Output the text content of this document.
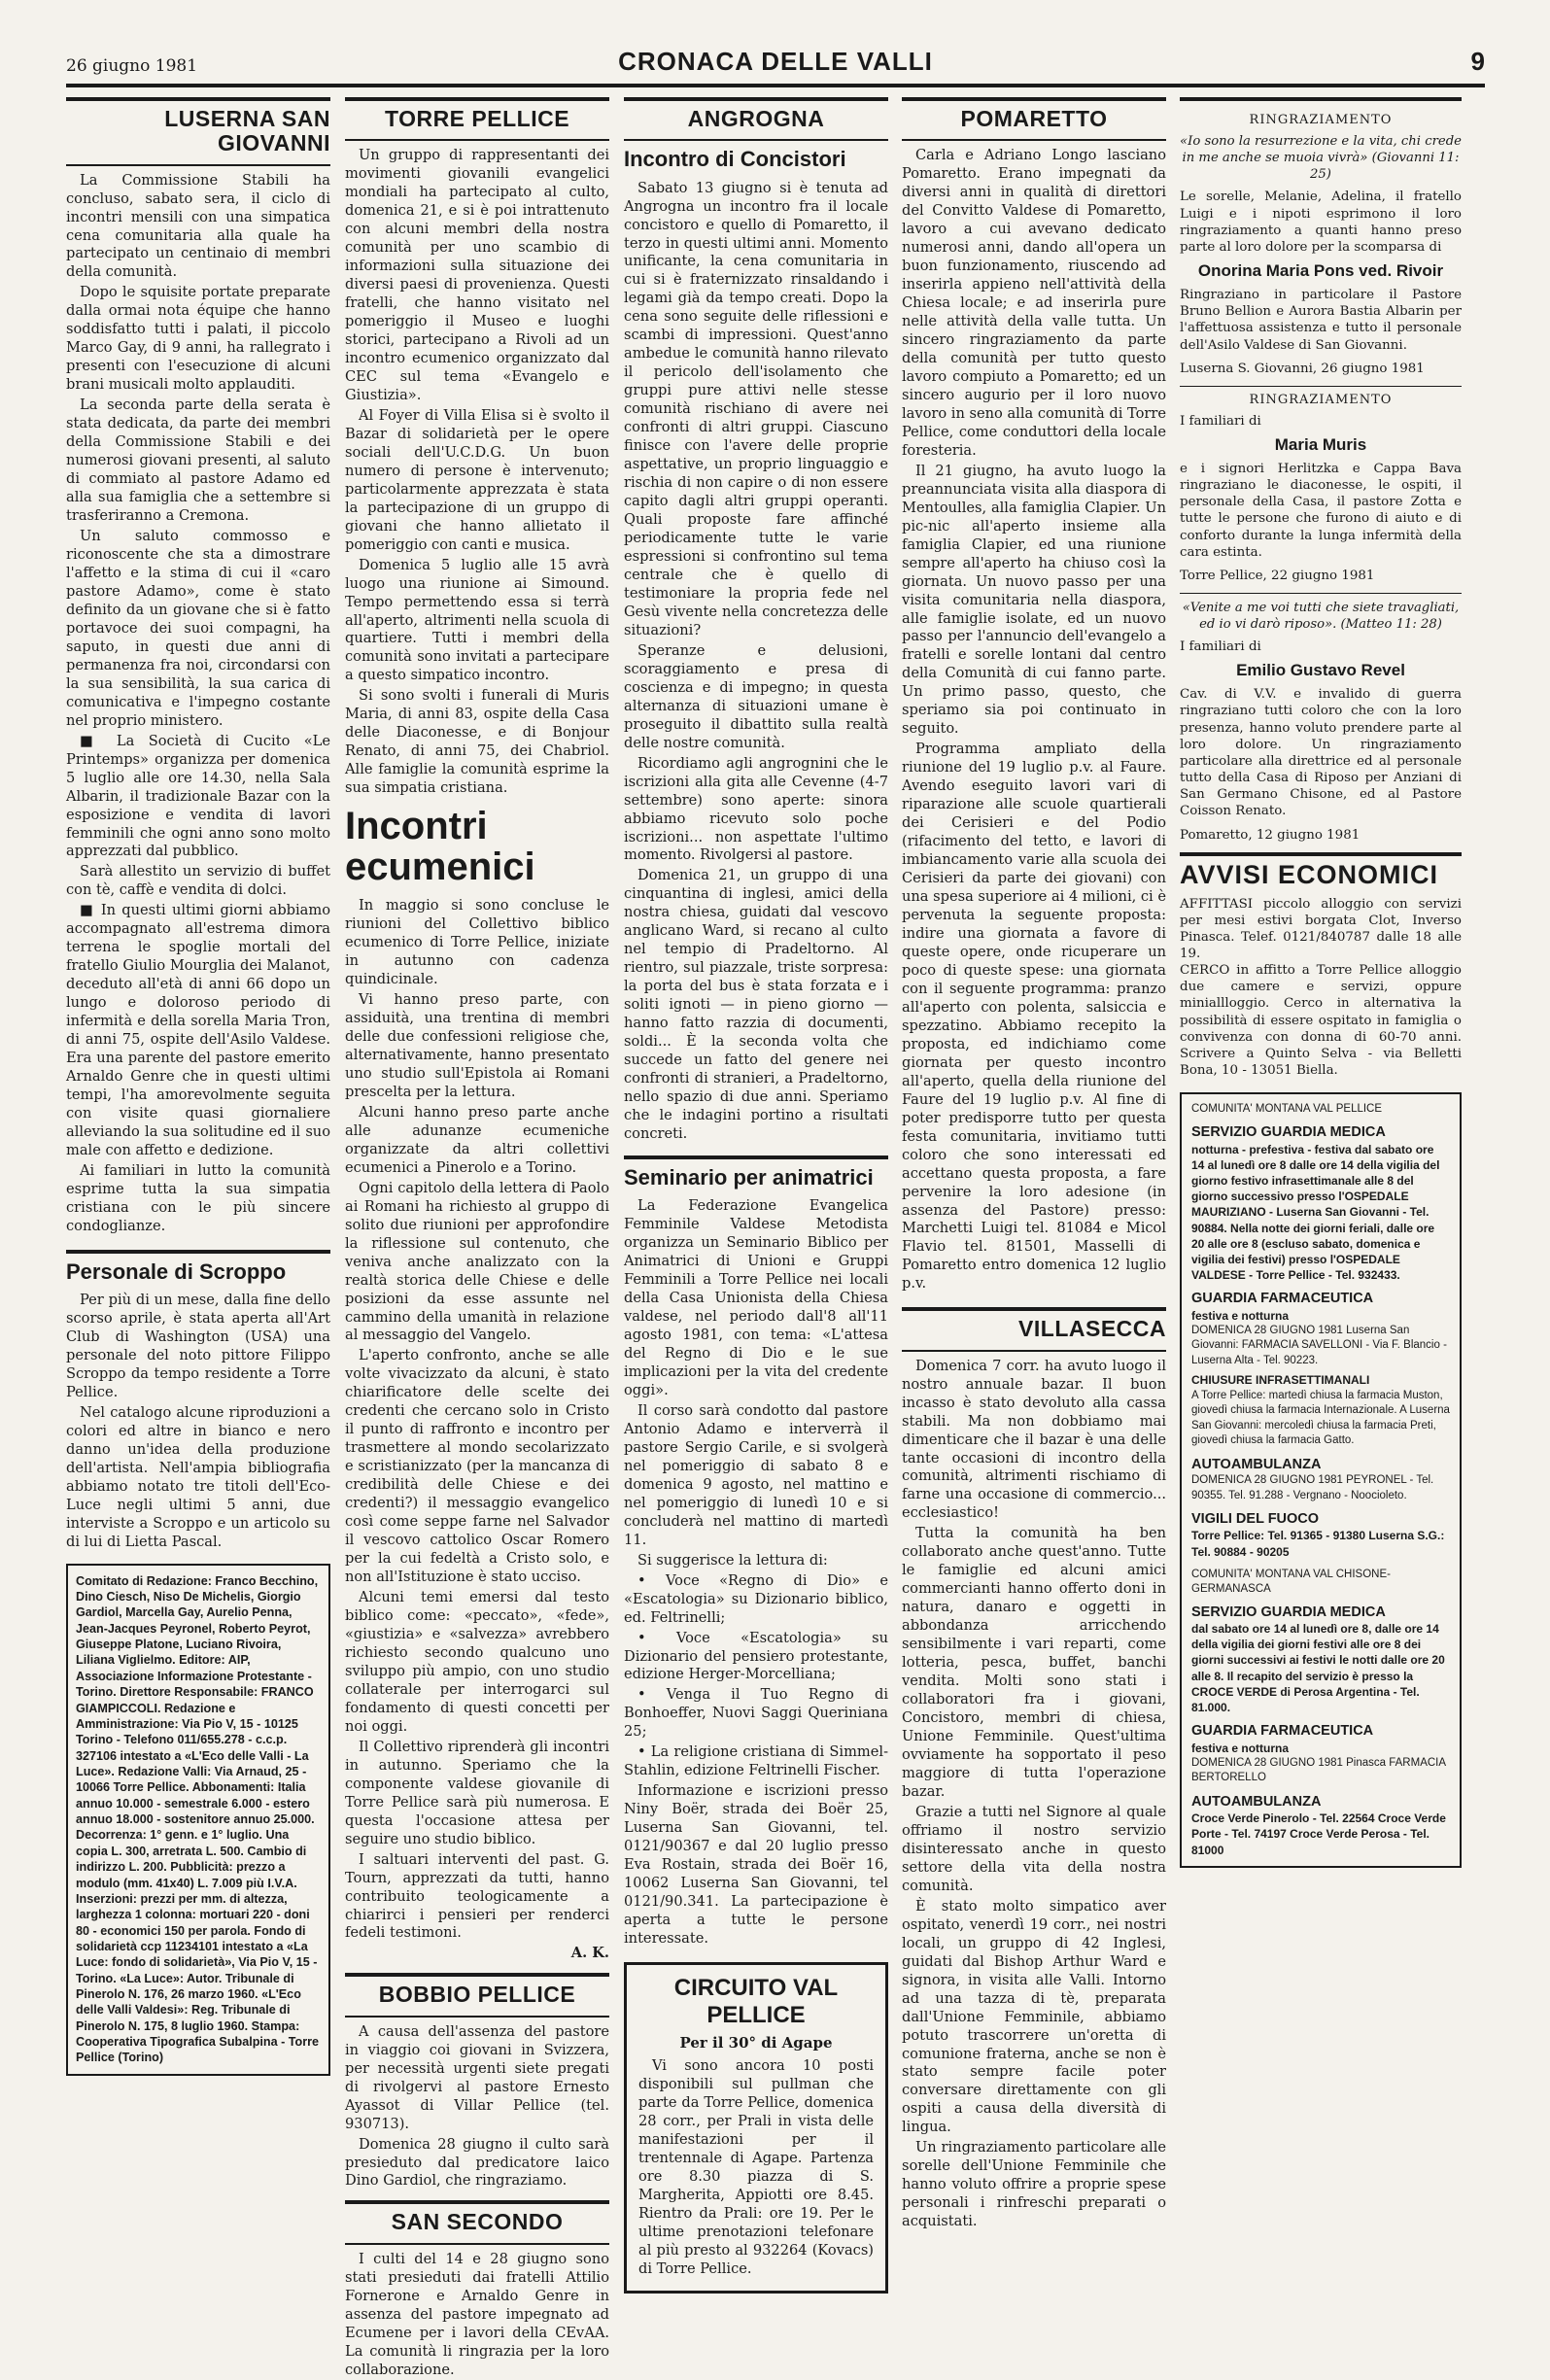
26 giugno 1981	CRONACA DELLE VALLI	9
LUSERNA SAN GIOVANNI

La Commissione Stabili ha concluso, sabato sera, il ciclo di incontri mensili con una simpatica cena comunitaria alla quale ha partecipato un centinaio di membri della comunità.

Dopo le squisite portate preparate dalla ormai nota équipe che hanno soddisfatto tutti i palati, il piccolo Marco Gay, di 9 anni, ha rallegrato i presenti con l'esecuzione di alcuni brani musicali molto applauditi.

La seconda parte della serata è stata dedicata, da parte dei membri della Commissione Stabili e dei numerosi giovani presenti, al saluto di commiato al pastore Adamo ed alla sua famiglia che a settembre si trasferiranno a Cremona.

Un saluto commosso e riconoscente che sta a dimostrare l'affetto e la stima di cui il «caro pastore Adamo», come è stato definito da un giovane che si è fatto portavoce dei suoi compagni, ha saputo, in questi due anni di permanenza fra noi, circondarsi con la sua sensibilità, la sua carica di comunicativa e l'impegno costante nel proprio ministero.

■ La Società di Cucito «Le Printemps» organizza per domenica 5 luglio alle ore 14.30, nella Sala Albarin, il tradizionale Bazar con la esposizione e vendita di lavori femminili che ogni anno sono molto apprezzati dal pubblico.

Sarà allestito un servizio di buffet con tè, caffè e vendita di dolci.

■ In questi ultimi giorni abbiamo accompagnato all'estrema dimora terrena le spoglie mortali del fratello Giulio Mourglia dei Malanot, deceduto all'età di anni 66 dopo un lungo e doloroso periodo di infermità e della sorella Maria Tron, di anni 75, ospite dell'Asilo Valdese. Era una parente del pastore emerito Arnaldo Genre che in questi ultimi tempi, l'ha amorevolmente seguita con visite quasi giornaliere alleviando la sua solitudine ed il suo male con affetto e dedizione.

Ai familiari in lutto la comunità esprime tutta la sua simpatia cristiana con le più sincere condoglianze.

Personale di Scroppo

Per più di un mese, dalla fine dello scorso aprile, è stata aperta all'Art Club di Washington (USA) una personale del noto pittore Filippo Scroppo da tempo residente a Torre Pellice.

Nel catalogo alcune riproduzioni a colori ed altre in bianco e nero danno un'idea della produzione dell'artista. Nell'ampia bibliografia abbiamo notato tre titoli dell'Eco-Luce negli ultimi 5 anni, due interviste a Scroppo e un articolo su di lui di Lietta Pascal.

Comitato di Redazione: Franco Becchino, Dino Ciesch, Niso De Michelis, Giorgio Gardiol, Marcella Gay, Aurelio Penna, Jean-Jacques Peyronel, Roberto Peyrot, Giuseppe Platone, Luciano Rivoira, Liliana Viglielmo. Editore: AIP, Associazione Informazione Protestante - Torino. Direttore Responsabile: FRANCO GIAMPICCOLI. Redazione e Amministrazione: Via Pio V, 15 - 10125 Torino - Telefono 011/655.278 - c.c.p. 327106 intestato a «L'Eco delle Valli - La Luce». Redazione Valli: Via Arnaud, 25 - 10066 Torre Pellice. Abbonamenti: Italia annuo 10.000 - semestrale 6.000 - estero annuo 18.000 - sostenitore annuo 25.000. Decorrenza: 1° genn. e 1° luglio. Una copia L. 300, arretrata L. 500. Cambio di indirizzo L. 200. Pubblicità: prezzo a modulo (mm. 41x40) L. 7.009 più I.V.A. Inserzioni: prezzi per mm. di altezza, larghezza 1 colonna: mortuari 220 - doni 80 - economici 150 per parola. Fondo di solidarietà ccp 11234101 intestato a «La Luce: fondo di solidarietà», Via Pio V, 15 - Torino. «La Luce»: Autor. Tribunale di Pinerolo N. 176, 26 marzo 1960. «L'Eco delle Valli Valdesi»: Reg. Tribunale di Pinerolo N. 175, 8 luglio 1960. Stampa: Cooperativa Tipografica Subalpina - Torre Pellice (Torino)

TORRE PELLICE

Un gruppo di rappresentanti dei movimenti giovanili evangelici mondiali ha partecipato al culto, domenica 21, e si è poi intrattenuto con alcuni membri della nostra comunità per uno scambio di informazioni sulla situazione dei diversi paesi di provenienza. Questi fratelli, che hanno visitato nel pomeriggio il Museo e luoghi storici, partecipano a Rivoli ad un incontro ecumenico organizzato dal CEC sul tema «Evangelo e Giustizia».

Al Foyer di Villa Elisa si è svolto il Bazar di solidarietà per le opere sociali dell'U.C.D.G. Un buon numero di persone è intervenuto; particolarmente apprezzata è stata la partecipazione di un gruppo di giovani che hanno allietato il pomeriggio con canti e musica.

Domenica 5 luglio alle 15 avrà luogo una riunione ai Simound. Tempo permettendo essa si terrà all'aperto, altrimenti nella scuola di quartiere. Tutti i membri della comunità sono invitati a partecipare a questo simpatico incontro.

Si sono svolti i funerali di Muris Maria, di anni 83, ospite della Casa delle Diaconesse, e di Bonjour Renato, di anni 75, dei Chabriol. Alle famiglie la comunità esprime la sua simpatia cristiana.

Incontri ecumenici

In maggio si sono concluse le riunioni del Collettivo biblico ecumenico di Torre Pellice, iniziate in autunno con cadenza quindicinale.

Vi hanno preso parte, con assiduità, una trentina di membri delle due confessioni religiose che, alternativamente, hanno presentato uno studio sull'Epistola ai Romani prescelta per la lettura.

Alcuni hanno preso parte anche alle adunanze ecumeniche organizzate da altri collettivi ecumenici a Pinerolo e a Torino.

Ogni capitolo della lettera di Paolo ai Romani ha richiesto al gruppo di solito due riunioni per approfondire la riflessione sul contenuto, che veniva anche analizzato con la realtà storica delle Chiese e delle posizioni da esse assunte nel cammino della umanità in relazione al messaggio del Vangelo.

L'aperto confronto, anche se alle volte vivacizzato da alcuni, è stato chiarificatore delle scelte dei credenti che cercano solo in Cristo il punto di raffronto e incontro per trasmettere al mondo secolarizzato e scristianizzato (per la mancanza di credibilità delle Chiese e dei credenti?) il messaggio evangelico così come seppe farne nel Salvador il vescovo cattolico Oscar Romero per la cui fedeltà a Cristo solo, e non all'Istituzione è stato ucciso.

Alcuni temi emersi dal testo biblico come: «peccato», «fede», «giustizia» e «salvezza» avrebbero richiesto secondo qualcuno uno sviluppo più ampio, con uno studio collaterale per interrogarci sul fondamento di questi concetti per noi oggi.

Il Collettivo riprenderà gli incontri in autunno. Speriamo che la componente valdese giovanile di Torre Pellice sarà più numerosa. E questa l'occasione attesa per seguire uno studio biblico.

I saltuari interventi del past. G. Tourn, apprezzati da tutti, hanno contribuito teologicamente a chiarirci i pensieri per renderci fedeli testimoni.

A. K.

BOBBIO PELLICE

A causa dell'assenza del pastore in viaggio coi giovani in Svizzera, per necessità urgenti siete pregati di rivolgervi al pastore Ernesto Ayassot di Villar Pellice (tel. 930713).

Domenica 28 giugno il culto sarà presieduto dal predicatore laico Dino Gardiol, che ringraziamo.

SAN SECONDO

I culti del 14 e 28 giugno sono stati presieduti dai fratelli Attilio Fornerone e Arnaldo Genre in assenza del pastore impegnato ad Ecumene per i lavori della CEvAA. La comunità li ringrazia per la loro collaborazione.

ANGROGNA
Incontro di Concistori

Sabato 13 giugno si è tenuta ad Angrogna un incontro fra il locale concistoro e quello di Pomaretto, il terzo in questi ultimi anni. Momento unificante, la cena comunitaria in cui si è fraternizzato rinsaldando i legami già da tempo creati. Dopo la cena sono seguite delle riflessioni e scambi di impressioni. Quest'anno ambedue le comunità hanno rilevato il pericolo dell'isolamento che gruppi pure attivi nelle stesse comunità rischiano di avere nei confronti di altri gruppi. Ciascuno finisce con l'avere delle proprie aspettative, un proprio linguaggio e rischia di non capire o di non essere capito dagli altri gruppi operanti. Quali proposte fare affinché periodicamente tutte le varie espressioni si confrontino sul tema centrale che è quello di testimoniare la propria fede nel Gesù vivente nella concretezza delle situazioni?

Speranze e delusioni, scoraggiamento e presa di coscienza e di impegno; in questa alternanza di situazioni umane è proseguito il dibattito sulla realtà delle nostre comunità.

Ricordiamo agli angrognini che le iscrizioni alla gita alle Cevenne (4-7 settembre) sono aperte: sinora abbiamo ricevuto solo poche iscrizioni... non aspettate l'ultimo momento. Rivolgersi al pastore.

Domenica 21, un gruppo di una cinquantina di inglesi, amici della nostra chiesa, guidati dal vescovo anglicano Ward, si recano al culto nel tempio di Pradeltorno. Al rientro, sul piazzale, triste sorpresa: la porta del bus è stata forzata e i soliti ignoti — in pieno giorno — hanno fatto razzia di documenti, soldi... È la seconda volta che succede un fatto del genere nei confronti di stranieri, a Pradeltorno, nello spazio di due anni. Speriamo che le indagini portino a risultati concreti.

Seminario per animatrici

La Federazione Evangelica Femminile Valdese Metodista organizza un Seminario Biblico per Animatrici di Unioni e Gruppi Femminili a Torre Pellice nei locali della Casa Unionista della Chiesa valdese, nel periodo dall'8 all'11 agosto 1981, con tema: «L'attesa del Regno di Dio e le sue implicazioni per la vita del credente oggi».

Il corso sarà condotto dal pastore Antonio Adamo e interverrà il pastore Sergio Carile, e si svolgerà nel pomeriggio di sabato 8 e domenica 9 agosto, nel mattino e nel pomeriggio di lunedì 10 e si concluderà nel mattino di martedì 11.

Si suggerisce la lettura di:

• Voce «Regno di Dio» e «Escatologia» su Dizionario biblico, ed. Feltrinelli;

• Voce «Escatologia» su Dizionario del pensiero protestante, edizione Herger-Morcelliana;

• Venga il Tuo Regno di Bonhoeffer, Nuovi Saggi Queriniana 25;

• La religione cristiana di Simmel-Stahlin, edizione Feltrinelli Fischer.

Informazione e iscrizioni presso Niny Boër, strada dei Boër 25, Luserna San Giovanni, tel. 0121/90367 e dal 20 luglio presso Eva Rostain, strada dei Boër 16, 10062 Luserna San Giovanni, tel 0121/90.341. La partecipazione è aperta a tutte le persone interessate.

CIRCUITO VAL PELLICE
Per il 30° di Agape

Vi sono ancora 10 posti disponibili sul pullman che parte da Torre Pellice, domenica 28 corr., per Prali in vista delle manifestazioni per il trentennale di Agape. Partenza ore 8.30 piazza di S. Margherita, Appiotti ore 8.45. Rientro da Prali: ore 19. Per le ultime prenotazioni telefonare al più presto al 932264 (Kovacs) di Torre Pellice.

POMARETTO

Carla e Adriano Longo lasciano Pomaretto. Erano impegnati da diversi anni in qualità di direttori del Convitto Valdese di Pomaretto, lavoro a cui avevano dedicato numerosi anni, dando all'opera un buon funzionamento, riuscendo ad inserirla appieno nell'attività della Chiesa locale; e ad inserirla pure nelle attività della valle tutta. Un sincero ringraziamento da parte della comunità per tutto questo lavoro compiuto a Pomaretto; ed un sincero augurio per il loro nuovo lavoro in seno alla comunità di Torre Pellice, come conduttori della locale foresteria.

Il 21 giugno, ha avuto luogo la preannunciata visita alla diaspora di Mentoulles, alla famiglia Clapier. Un pic-nic all'aperto insieme alla famiglia Clapier, ed una riunione sempre all'aperto ha chiuso così la giornata. Un nuovo passo per una visita comunitaria nella diaspora, alle famiglie isolate, ed un nuovo passo per l'annuncio dell'evangelo a fratelli e sorelle lontani dal centro della Comunità di cui fanno parte. Un primo passo, questo, che speriamo sia poi continuato in seguito.

Programma ampliato della riunione del 19 luglio p.v. al Faure. Avendo eseguito lavori vari di riparazione alle scuole quartierali dei Cerisieri e del Podio (rifacimento del tetto, e lavori di imbiancamento varie alla scuola dei Cerisieri da parte dei giovani) con una spesa superiore ai 4 milioni, ci è pervenuta la seguente proposta: indire una giornata a favore di queste opere, onde ricuperare un poco di queste spese: una giornata con il seguente programma: pranzo all'aperto con polenta, salsiccia e spezzatino. Abbiamo recepito la proposta, ed indichiamo come giornata per questo incontro all'aperto, quella della riunione del Faure del 19 luglio p.v. Al fine di poter predisporre tutto per questa festa comunitaria, invitiamo tutti coloro che sono interessati ed accettano questa proposta, a fare pervenire la loro adesione (in assenza del Pastore) presso: Marchetti Luigi tel. 81084 e Micol Flavio tel. 81501, Masselli di Pomaretto entro domenica 12 luglio p.v.

VILLASECCA

Domenica 7 corr. ha avuto luogo il nostro annuale bazar. Il buon incasso è stato devoluto alla cassa stabili. Ma non dobbiamo mai dimenticare che il bazar è una delle tante occasioni di incontro della comunità, altrimenti rischiamo di farne una occasione di commercio... ecclesiastico!

Tutta la comunità ha ben collaborato anche quest'anno. Tutte le famiglie ed alcuni amici commercianti hanno offerto doni in natura, danaro e oggetti in abbondanza arricchendo sensibilmente i vari reparti, come lotteria, pesca, buffet, banchi vendita. Molti sono stati i collaboratori fra i giovani, Concistoro, membri di chiesa, Unione Femminile. Quest'ultima ovviamente ha sopportato il peso maggiore di tutta l'operazione bazar.

Grazie a tutti nel Signore al quale offriamo il nostro servizio disinteressato anche in questo settore della vita della nostra comunità.

È stato molto simpatico aver ospitato, venerdì 19 corr., nei nostri locali, un gruppo di 42 Inglesi, guidati dal Bishop Arthur Ward e signora, in visita alle Valli. Intorno ad una tazza di tè, preparata dall'Unione Femminile, abbiamo potuto trascorrere un'oretta di comunione fraterna, anche se non è stato sempre facile poter conversare direttamente con gli ospiti a causa della diversità di lingua.

Un ringraziamento particolare alle sorelle dell'Unione Femminile che hanno voluto offrire a proprie spese personali i rinfreschi preparati o acquistati.

RINGRAZIAMENTO
«Io sono la resurrezione e la vita, chi crede in me anche se muoia vivrà» (Giovanni 11: 25)

Le sorelle, Melanie, Adelina, il fratello Luigi e i nipoti esprimono il loro ringraziamento a quanti hanno preso parte al loro dolore per la scomparsa di

Onorina Maria Pons ved. Rivoir

Ringraziano in particolare il Pastore Bruno Bellion e Aurora Bastia Albarin per l'affettuosa assistenza e tutto il personale dell'Asilo Valdese di San Giovanni.

Luserna S. Giovanni, 26 giugno 1981
RINGRAZIAMENTO

I familiari di

Maria Muris

e i signori Herlitzka e Cappa Bava ringraziano le diaconesse, le ospiti, il personale della Casa, il pastore Zotta e tutte le persone che furono di aiuto e di conforto durante la lunga infermità della cara estinta.

Torre Pellice, 22 giugno 1981
«Venite a me voi tutti che siete travagliati, ed io vi darò riposo». (Matteo 11: 28)

I familiari di

Emilio Gustavo Revel

Cav. di V.V. e invalido di guerra ringraziano tutti coloro che con la loro presenza, hanno voluto prendere parte al loro dolore. Un ringraziamento particolare alla direttrice ed al personale tutto della Casa di Riposo per Anziani di San Germano Chisone, ed al Pastore Coisson Renato.

Pomaretto, 12 giugno 1981
AVVISI ECONOMICI

AFFITTASI piccolo alloggio con servizi per mesi estivi borgata Clot, Inverso Pinasca. Telef. 0121/840787 dalle 18 alle 19.

CERCO in affitto a Torre Pellice alloggio due camere e servizi, oppure miniallloggio. Cerco in alternativa la possibilità di essere ospitato in famiglia o convivenza con donna di 60-70 anni. Scrivere a Quinto Selva - via Belletti Bona, 10 - 13051 Biella.

COMUNITA' MONTANA VAL PELLICE
SERVIZIO GUARDIA MEDICA
notturna - prefestiva - festiva dal sabato ore 14 al lunedì ore 8 dalle ore 14 della vigilia del giorno festivo infrasettimanale alle 8 del giorno successivo presso l'OSPEDALE MAURIZIANO - Luserna San Giovanni - Tel. 90884. Nella notte dei giorni feriali, dalle ore 20 alle ore 8 (escluso sabato, domenica e vigilia dei festivi) presso l'OSPEDALE VALDESE - Torre Pellice - Tel. 932433.
GUARDIA FARMACEUTICA
festiva e notturna
DOMENICA 28 GIUGNO 1981 Luserna San Giovanni: FARMACIA SAVELLONI - Via F. Blancio - Luserna Alta - Tel. 90223.
CHIUSURE INFRASETTIMANALI
A Torre Pellice: martedì chiusa la farmacia Muston, giovedì chiusa la farmacia Internazionale. A Luserna San Giovanni: mercoledì chiusa la farmacia Preti, giovedì chiusa la farmacia Gatto.
AUTOAMBULANZA
DOMENICA 28 GIUGNO 1981 PEYRONEL - Tel. 90355. Tel. 91.288 - Vergnano - Noocioleto.
VIGILI DEL FUOCO
Torre Pellice: Tel. 91365 - 91380 Luserna S.G.: Tel. 90884 - 90205
COMUNITA' MONTANA VAL CHISONE-GERMANASCA
SERVIZIO GUARDIA MEDICA
dal sabato ore 14 al lunedì ore 8, dalle ore 14 della vigilia dei giorni festivi alle ore 8 dei giorni successivi ai festivi le notti dalle ore 20 alle 8. Il recapito del servizio è presso la CROCE VERDE di Perosa Argentina - Tel. 81.000.
GUARDIA FARMACEUTICA
festiva e notturna
DOMENICA 28 GIUGNO 1981 Pinasca FARMACIA BERTORELLO
AUTOAMBULANZA
Croce Verde Pinerolo - Tel. 22564 Croce Verde Porte - Tel. 74197 Croce Verde Perosa - Tel. 81000
